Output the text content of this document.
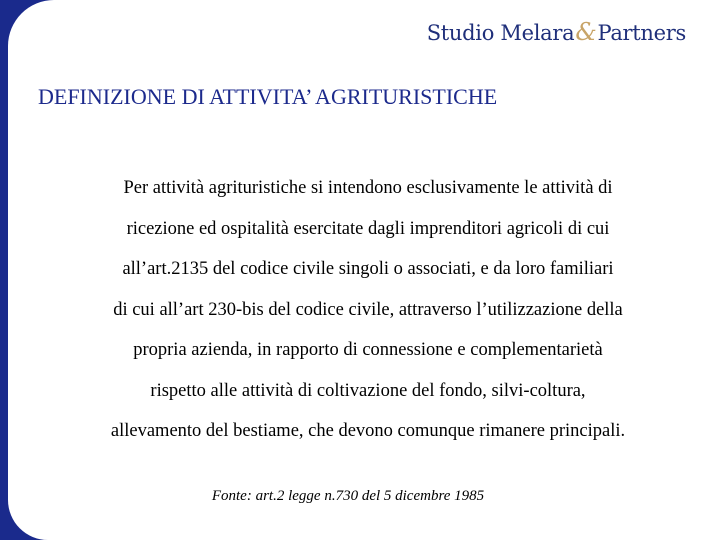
Studio Melara&Partners
DEFINIZIONE DI ATTIVITA’ AGRITURISTICHE
Per attività agrituristiche si intendono esclusivamente le attività di
ricezione ed ospitalità esercitate dagli imprenditori agricoli di cui
all’art.2135 del codice civile singoli o associati, e da loro familiari
di cui all’art 230-bis del codice civile, attraverso l’utilizzazione della
propria azienda, in rapporto di connessione e complementarietà
rispetto alle attività di coltivazione del fondo, silvi-coltura,
allevamento del bestiame, che devono comunque rimanere principali.
Fonte: art.2 legge n.730 del 5 dicembre 1985
